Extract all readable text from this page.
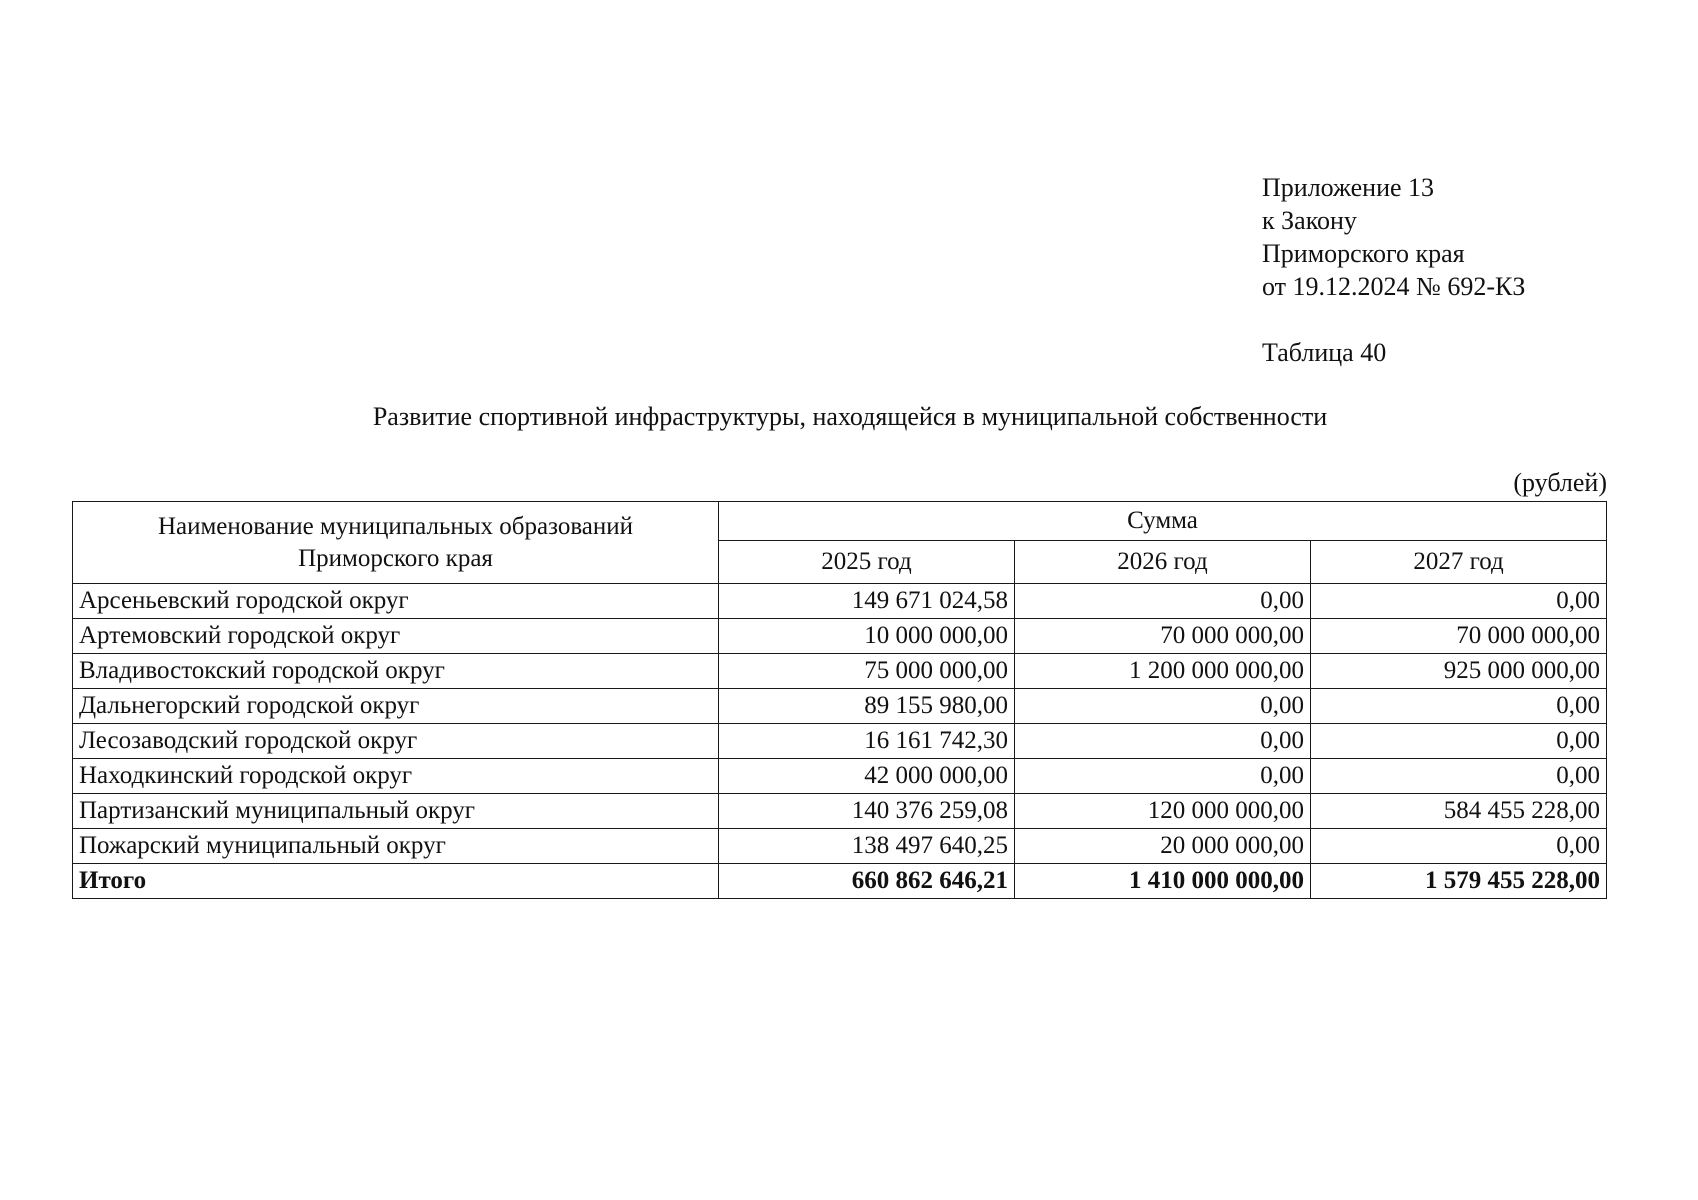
Приложение 13
к Закону
Приморского края
от 19.12.2024 № 692-КЗ
Таблица 40
Развитие спортивной инфраструктуры, находящейся в муниципальной собственности
(рублей)
Наименование муниципальных образований
Приморского края	Сумма		
	2025 год	2026 год	2027 год
Арсеньевский городской округ	149 671 024,58	0,00	0,00
Артемовский городской округ	10 000 000,00	70 000 000,00	70 000 000,00
Владивостокский городской округ	75 000 000,00	1 200 000 000,00	925 000 000,00
Дальнегорский городской округ	89 155 980,00	0,00	0,00
Лесозаводский городской округ	16 161 742,30	0,00	0,00
Находкинский городской округ	42 000 000,00	0,00	0,00
Партизанский муниципальный округ	140 376 259,08	120 000 000,00	584 455 228,00
Пожарский муниципальный округ	138 497 640,25	20 000 000,00	0,00
Итого	660 862 646,21	1 410 000 000,00	1 579 455 228,00
